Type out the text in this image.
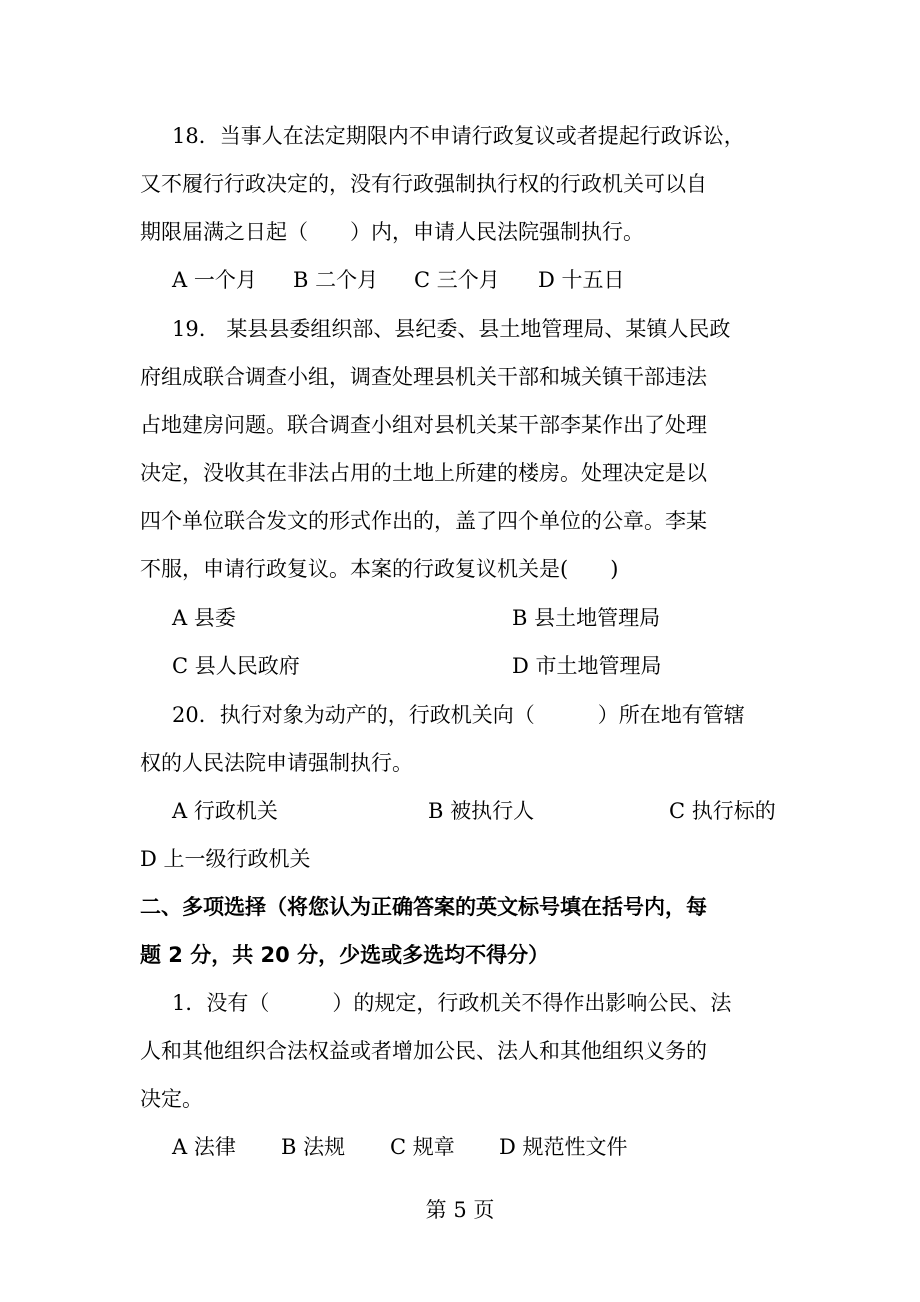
18．当事人在法定期限内不申请行政复议或者提起行政诉讼，
又不履行行政决定的，没有行政强制执行权的行政机关可以自
期限届满之日起（　　）内，申请人民法院强制执行。
A 一个月 B 二个月 C 三个月 D 十五日
19.　某县县委组织部、县纪委、县土地管理局、某镇人民政
府组成联合调查小组，调查处理县机关干部和城关镇干部违法
占地建房问题。联合调查小组对县机关某干部李某作出了处理
决定，没收其在非法占用的土地上所建的楼房。处理决定是以
四个单位联合发文的形式作出的，盖了四个单位的公章。李某
不服，申请行政复议。本案的行政复议机关是(　　)
A 县委	B 县土地管理局
C 县人民政府	D 市土地管理局
20．执行对象为动产的，行政机关向（　　　）所在地有管辖
权的人民法院申请强制执行。
A 行政机关	B 被执行人	C 执行标的
D 上一级行政机关
二、多项选择（将您认为正确答案的英文标号填在括号内，每
题 2 分，共 20 分，少选或多选均不得分）
1．没有（　　　）的规定，行政机关不得作出影响公民、法
人和其他组织合法权益或者增加公民、法人和其他组织义务的
决定。
A 法律 B 法规 C 规章 D 规范性文件
第 5 页
